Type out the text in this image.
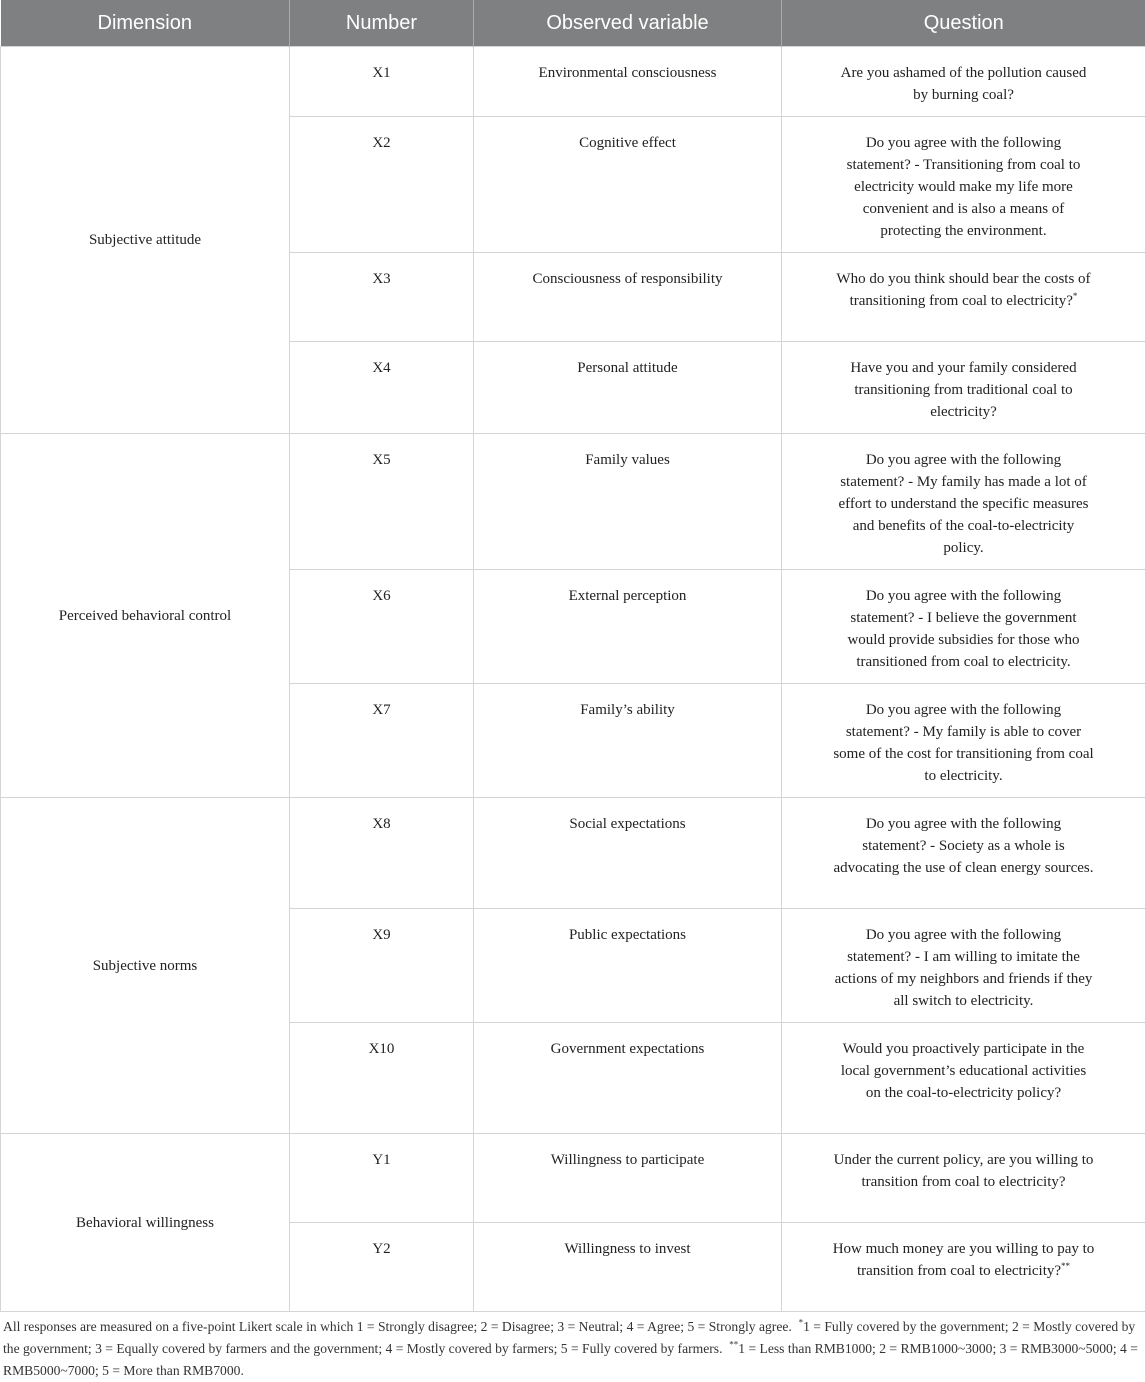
Dimension	Number	Observed variable	Question
Subjective attitude	X1	Environmental consciousness	Are you ashamed of the pollution caused by burning coal?
	X2	Cognitive effect	Do you agree with the following statement? - Transitioning from coal to electricity would make my life more convenient and is also a means of protecting the environment.
	X3	Consciousness of responsibility	Who do you think should bear the costs of transitioning from coal to electricity?*
	X4	Personal attitude	Have you and your family considered transitioning from traditional coal to electricity?
Perceived behavioral control	X5	Family values	Do you agree with the following statement? - My family has made a lot of effort to understand the specific measures and benefits of the coal-to-electricity policy.
	X6	External perception	Do you agree with the following statement? - I believe the government would provide subsidies for those who transitioned from coal to electricity.
	X7	Family’s ability	Do you agree with the following statement? - My family is able to cover some of the cost for transitioning from coal to electricity.
Subjective norms	X8	Social expectations	Do you agree with the following statement? - Society as a whole is advocating the use of clean energy sources.
	X9	Public expectations	Do you agree with the following statement? - I am willing to imitate the actions of my neighbors and friends if they all switch to electricity.
	X10	Government expectations	Would you proactively participate in the local government’s educational activities on the coal-to-electricity policy?
Behavioral willingness	Y1	Willingness to participate	Under the current policy, are you willing to transition from coal to electricity?
	Y2	Willingness to invest	How much money are you willing to pay to transition from coal to electricity?**
All responses are measured on a five-point Likert scale in which 1 = Strongly disagree; 2 = Disagree; 3 = Neutral; 4 = Agree; 5 = Strongly agree. *1 = Fully covered by the government; 2 = Mostly covered by the government; 3 = Equally covered by farmers and the government; 4 = Mostly covered by farmers; 5 = Fully covered by farmers. **1 = Less than RMB1000; 2 = RMB1000~3000; 3 = RMB3000~5000; 4 = RMB5000~7000; 5 = More than RMB7000.
